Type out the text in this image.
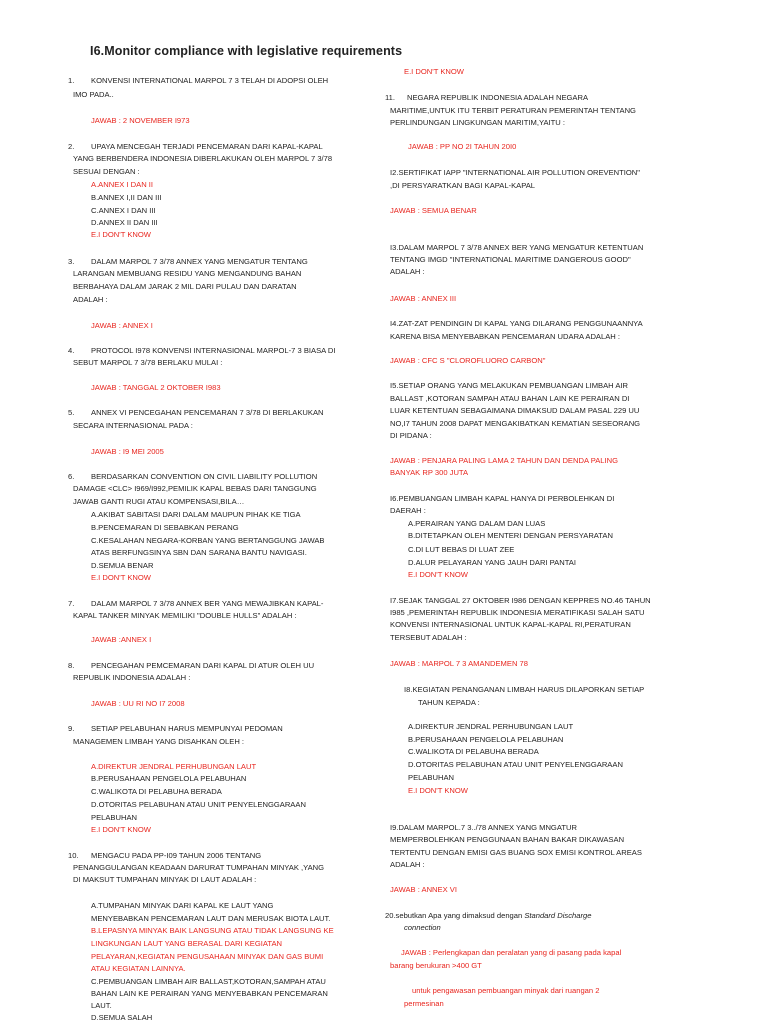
I6.Monitor compliance with legislative requirements
1. KONVENSI INTERNATIONAL MARPOL 7 3 TELAH DI ADOPSI OLEH
IMO PADA..
JAWAB : 2 NOVEMBER I973
2. UPAYA MENCEGAH TERJADI PENCEMARAN DARI KAPAL-KAPAL
YANG BERBENDERA INDONESIA DIBERLAKUKAN OLEH MARPOL 7 3/78
SESUAI DENGAN :
A.ANNEX I DAN II
B.ANNEX I,II DAN III
C.ANNEX I DAN III
D.ANNEX II DAN III
E.I DON'T KNOW
3. DALAM MARPOL 7 3/78 ANNEX YANG MENGATUR TENTANG
LARANGAN MEMBUANG RESIDU YANG MENGANDUNG BAHAN
BERBAHAYA DALAM JARAK 2 MIL DARI PULAU DAN DARATAN
ADALAH :
JAWAB : ANNEX I
4. PROTOCOL I978 KONVENSI INTERNASIONAL MARPOL-7 3 BIASA DI
SEBUT MARPOL 7 3/78 BERLAKU MULAI :
JAWAB : TANGGAL 2 OKTOBER I983
5. ANNEX VI PENCEGAHAN PENCEMARAN 7 3/78 DI BERLAKUKAN
SECARA INTERNASIONAL PADA :
JAWAB : I9 MEI 2005
6. BERDASARKAN CONVENTION ON CIVIL LIABILITY POLLUTION
DAMAGE <CLC> I969/I992,PEMILIK KAPAL BEBAS DARI TANGGUNG
JAWAB GANTI RUGI ATAU KOMPENSASI,BILA…
A.AKIBAT SABITASI DARI DALAM MAUPUN PIHAK KE TIGA
B.PENCEMARAN DI SEBABKAN PERANG
C.KESALAHAN NEGARA-KORBAN YANG BERTANGGUNG JAWAB
ATAS BERFUNGSINYA SBN DAN SARANA BANTU NAVIGASI.
D.SEMUA BENAR
E.I DON'T KNOW
7. DALAM MARPOL 7 3/78 ANNEX BER YANG MEWAJIBKAN KAPAL-
KAPAL TANKER MINYAK MEMILIKI "DOUBLE HULLS" ADALAH :
JAWAB :ANNEX I
8. PENCEGAHAN PEMCEMARAN DARI KAPAL DI ATUR OLEH UU
REPUBLIK INDONESIA ADALAH :
JAWAB : UU RI NO I7 2008
9. SETIAP PELABUHAN HARUS MEMPUNYAI PEDOMAN
MANAGEMEN LIMBAH YANG DISAHKAN OLEH :
A.DIREKTUR JENDRAL PERHUBUNGAN LAUT
B.PERUSAHAAN PENGELOLA PELABUHAN
C.WALIKOTA DI PELABUHA BERADA
D.OTORITAS PELABUHAN ATAU UNIT PENYELENGGARAAN
PELABUHAN
E.I DON'T KNOW
10. MENGACU PADA PP-I09 TAHUN 2006 TENTANG
PENANGGULANGAN KEADAAN DARURAT TUMPAHAN MINYAK ,YANG
DI MAKSUT TUMPAHAN MINYAK DI LAUT ADALAH :
A.TUMPAHAN MINYAK DARI KAPAL KE LAUT YANG
MENYEBABKAN PENCEMARAN LAUT DAN MERUSAK BIOTA LAUT.
B.LEPASNYA MINYAK BAIK LANGSUNG ATAU TIDAK LANGSUNG KE
LINGKUNGAN LAUT YANG BERASAL DARI KEGIATAN
PELAYARAN,KEGIATAN PENGUSAHAAN MINYAK DAN GAS BUMI
ATAU KEGIATAN LAINNYA.
C.PEMBUANGAN LIMBAH AIR BALLAST,KOTORAN,SAMPAH ATAU
BAHAN LAIN KE PERAIRAN YANG MENYEBABKAN PENCEMARAN
LAUT.
D.SEMUA SALAH
E.I DON'T KNOW
11. NEGARA REPUBLIK INDONESIA ADALAH NEGARA
MARITIME,UNTUK ITU TERBIT PERATURAN PEMERINTAH TENTANG
PERLINDUNGAN LINGKUNGAN MARITIM,YAITU :
JAWAB : PP NO 2I TAHUN 20I0
I2.SERTIFIKAT IAPP "INTERNATIONAL AIR POLLUTION OREVENTION"
,DI PERSYARATKAN BAGI KAPAL-KAPAL
JAWAB : SEMUA BENAR
I3.DALAM MARPOL 7 3/78 ANNEX BER YANG MENGATUR KETENTUAN
TENTANG IMGD "INTERNATIONAL MARITIME DANGEROUS GOOD"
ADALAH :
JAWAB : ANNEX III
I4.ZAT-ZAT PENDINGIN DI KAPAL YANG DILARANG PENGGUNAANNYA
KARENA BISA MENYEBABKAN PENCEMARAN UDARA ADALAH :
JAWAB : CFC S "CLOROFLUORO CARBON"
I5.SETIAP ORANG YANG MELAKUKAN PEMBUANGAN LIMBAH AIR
BALLAST ,KOTORAN SAMPAH ATAU BAHAN LAIN KE PERAIRAN DI
LUAR KETENTUAN SEBAGAIMANA DIMAKSUD DALAM PASAL 229 UU
NO,I7 TAHUN 2008 DAPAT MENGAKIBATKAN KEMATIAN SESEORANG
DI PIDANA :
JAWAB : PENJARA PALING LAMA 2 TAHUN DAN DENDA PALING
BANYAK RP 300 JUTA
I6.PEMBUANGAN LIMBAH KAPAL HANYA DI PERBOLEHKAN DI
DAERAH :
A.PERAIRAN YANG DALAM DAN LUAS
B.DITETAPKAN OLEH MENTERI DENGAN PERSYARATAN
C.DI LUT BEBAS DI LUAT ZEE
D.ALUR PELAYARAN YANG JAUH DARI PANTAI
E.I DON'T KNOW
I7.SEJAK TANGGAL 27 OKTOBER I986 DENGAN KEPPRES NO.46 TAHUN
I985 ,PEMERINTAH REPUBLIK INDONESIA MERATIFIKASI SALAH SATU
KONVENSI INTERNASIONAL UNTUK KAPAL-KAPAL RI,PERATURAN
TERSEBUT ADALAH :
JAWAB : MARPOL 7 3 AMANDEMEN 78
I8.KEGIATAN PENANGANAN LIMBAH HARUS DILAPORKAN SETIAP
TAHUN KEPADA :
A.DIREKTUR JENDRAL PERHUBUNGAN LAUT
B.PERUSAHAAN PENGELOLA PELABUHAN
C.WALIKOTA DI PELABUHA BERADA
D.OTORITAS PELABUHAN ATAU UNIT PENYELENGGARAAN
PELABUHAN
E.I DON'T KNOW
I9.DALAM MARPOL.7 3../78 ANNEX YANG MNGATUR
MEMPERBOLEHKAN PENGGUNAAN BAHAN BAKAR DIKAWASAN
TERTENTU DENGAN EMISI GAS BUANG SOX EMISI KONTROL AREAS
ADALAH :
JAWAB : ANNEX VI
20.sebutkan Apa yang dimaksud dengan Standard Discharge
connection
JAWAB : Perlengkapan dan peralatan yang di pasang pada kapal
barang berukuran >400 GT
untuk pengawasan pembuangan minyak dari ruangan 2
permesinan
